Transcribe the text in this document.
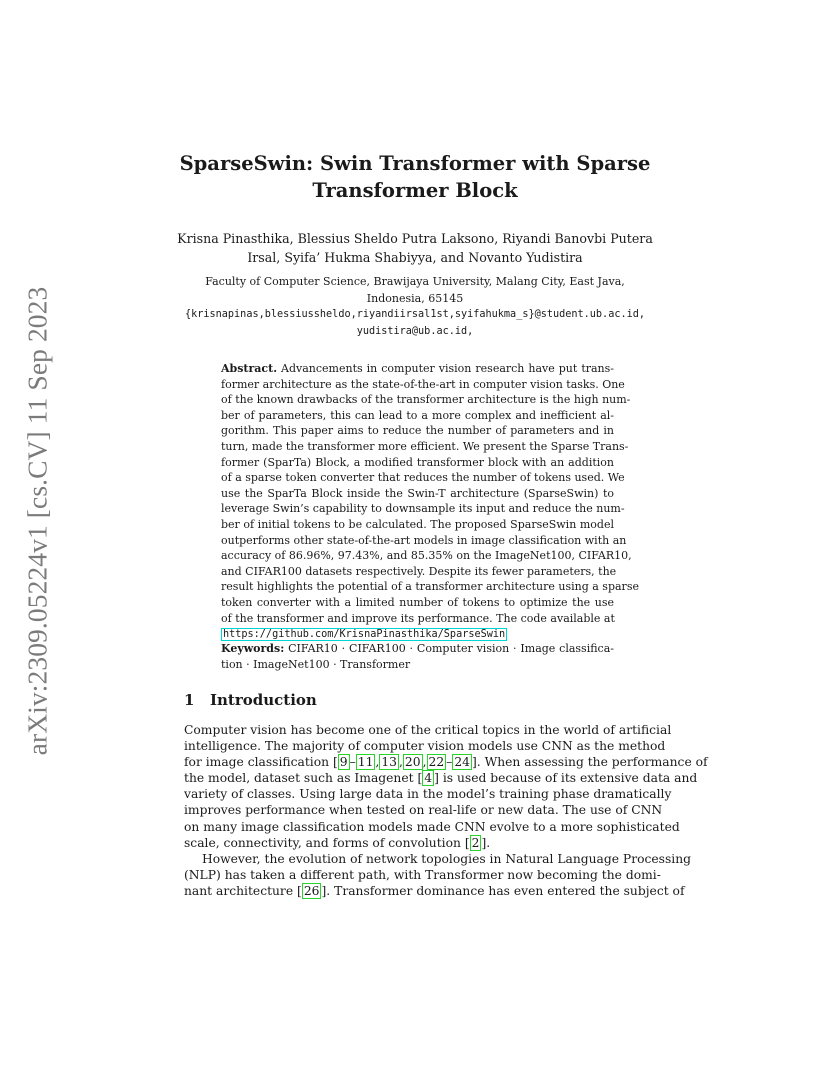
arXiv:2309.05224v1 [cs.CV] 11 Sep 2023
SparseSwin: Swin Transformer with Sparse
Transformer Block
Krisna Pinasthika, Blessius Sheldo Putra Laksono, Riyandi Banovbi Putera
Irsal, Syifa’ Hukma Shabiyya, and Novanto Yudistira
Faculty of Computer Science, Brawijaya University, Malang City, East Java,
Indonesia, 65145
{krisnapinas,blessiussheldo,riyandiirsal1st,syifahukma_s}@student.ub.ac.id,
yudistira@ub.ac.id,
Abstract. Advancements in computer vision research have put trans-
former architecture as the state-of-the-art in computer vision tasks. One
of the known drawbacks of the transformer architecture is the high num-
ber of parameters, this can lead to a more complex and inefficient al-
gorithm. This paper aims to reduce the number of parameters and in
turn, made the transformer more efficient. We present the Sparse Trans-
former (SparTa) Block, a modified transformer block with an addition
of a sparse token converter that reduces the number of tokens used. We
use the SparTa Block inside the Swin-T architecture (SparseSwin) to
leverage Swin’s capability to downsample its input and reduce the num-
ber of initial tokens to be calculated. The proposed SparseSwin model
outperforms other state-of-the-art models in image classification with an
accuracy of 86.96%, 97.43%, and 85.35% on the ImageNet100, CIFAR10,
and CIFAR100 datasets respectively. Despite its fewer parameters, the
result highlights the potential of a transformer architecture using a sparse
token converter with a limited number of tokens to optimize the use
of the transformer and improve its performance. The code available at
https://github.com/KrisnaPinasthika/SparseSwin
Keywords: CIFAR10 · CIFAR100 · Computer vision · Image classifica-
tion · ImageNet100 · Transformer
1 Introduction
Computer vision has become one of the critical topics in the world of artificial
intelligence. The majority of computer vision models use CNN as the method
for image classification [ 9 – 11 , 13 , 20 , 22 – 24 ]. When assessing the performance of
the model, dataset such as Imagenet [ 4 ] is used because of its extensive data and
variety of classes. Using large data in the model’s training phase dramatically
improves performance when tested on real-life or new data. The use of CNN
on many image classification models made CNN evolve to a more sophisticated
scale, connectivity, and forms of convolution [ 2 ].
However, the evolution of network topologies in Natural Language Processing
(NLP) has taken a different path, with Transformer now becoming the domi-
nant architecture [ 26 ]. Transformer dominance has even entered the subject of
